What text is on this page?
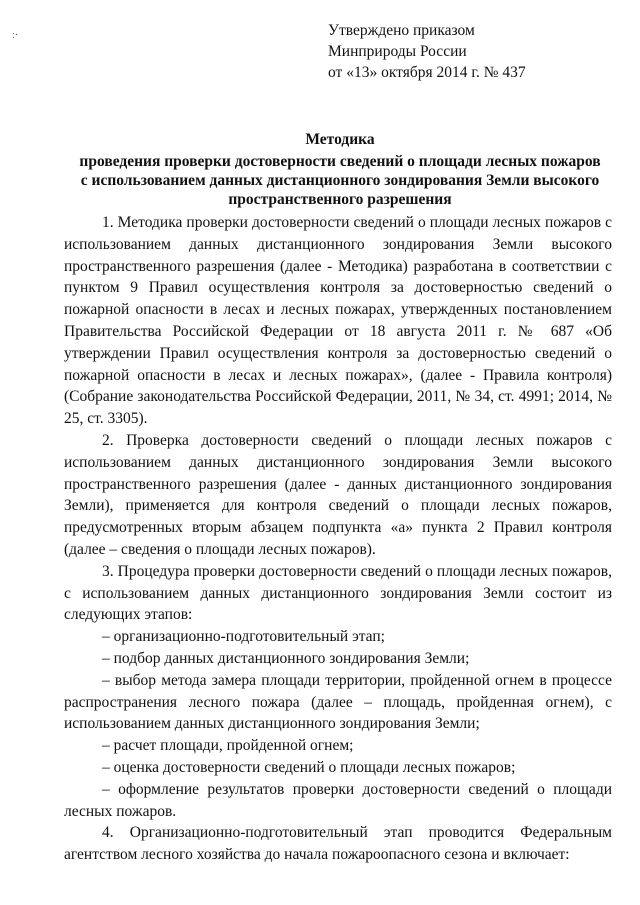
:·	Утверждено приказом
Минприроды России
от «13» октября 2014 г. № 437
Методика
проведения проверки достоверности сведений о площади лесных пожаров
с использованием данных дистанционного зондирования Земли высокого
пространственного разрешения

1. Методика проверки достоверности сведений о площади лесных пожаров с использованием данных дистанционного зондирования Земли высокого пространственного разрешения (далее - Методика) разработана в соответствии с пунктом 9 Правил осуществления контроля за достоверностью сведений о пожарной опасности в лесах и лесных пожарах, утвержденных постановлением Правительства Российской Федерации от 18 августа 2011 г. № 687 «Об утверждении Правил осуществления контроля за достоверностью сведений о пожарной опасности в лесах и лесных пожарах», (далее - Правила контроля) (Собрание законодательства Российской Федерации, 2011, № 34, ст. 4991; 2014, № 25, ст. 3305).

2. Проверка достоверности сведений о площади лесных пожаров с использованием данных дистанционного зондирования Земли высокого пространственного разрешения (далее - данных дистанционного зондирования Земли), применяется для контроля сведений о площади лесных пожаров, предусмотренных вторым абзацем подпункта «а» пункта 2 Правил контроля (далее – сведения о площади лесных пожаров).

3. Процедура проверки достоверности сведений о площади лесных пожаров, с использованием данных дистанционного зондирования Земли состоит из следующих этапов:

– организационно-подготовительный этап;

– подбор данных дистанционного зондирования Земли;

– выбор метода замера площади территории, пройденной огнем в процессе распространения лесного пожара (далее – площадь, пройденная огнем), с использованием данных дистанционного зондирования Земли;

– расчет площади, пройденной огнем;

– оценка достоверности сведений о площади лесных пожаров;

– оформление результатов проверки достоверности сведений о площади лесных пожаров.

4. Организационно-подготовительный этап проводится Федеральным агентством лесного хозяйства до начала пожароопасного сезона и включает:
